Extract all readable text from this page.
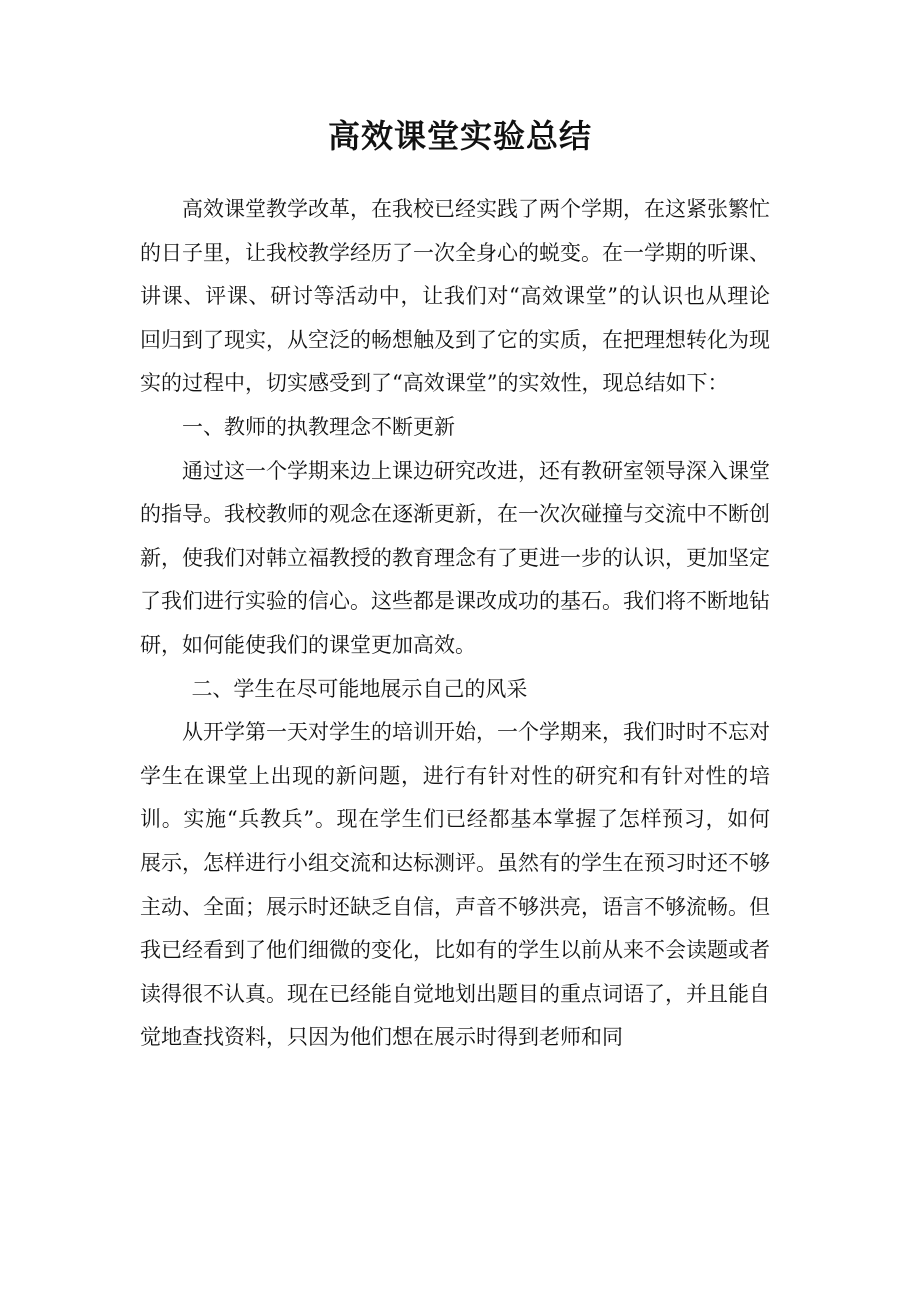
高效课堂实验总结

高效课堂教学改革，在我校已经实践了两个学期，在这紧张繁忙的日子里，让我校教学经历了一次全身心的蜕变。在一学期的听课、讲课、评课、研讨等活动中，让我们对“高效课堂”的认识也从理论回归到了现实，从空泛的畅想触及到了它的实质，在把理想转化为现实的过程中，切实感受到了“高效课堂”的实效性，现总结如下：

一、教师的执教理念不断更新

通过这一个学期来边上课边研究改进，还有教研室领导深入课堂的指导。我校教师的观念在逐渐更新，在一次次碰撞与交流中不断创新，使我们对韩立福教授的教育理念有了更进一步的认识，更加坚定了我们进行实验的信心。这些都是课改成功的基石。我们将不断地钻研，如何能使我们的课堂更加高效。

二、学生在尽可能地展示自己的风采

从开学第一天对学生的培训开始，一个学期来，我们时时不忘对学生在课堂上出现的新问题，进行有针对性的研究和有针对性的培训。实施“兵教兵”。现在学生们已经都基本掌握了怎样预习，如何展示，怎样进行小组交流和达标测评。虽然有的学生在预习时还不够主动、全面；展示时还缺乏自信，声音不够洪亮，语言不够流畅。但我已经看到了他们细微的变化，比如有的学生以前从来不会读题或者读得很不认真。现在已经能自觉地划出题目的重点词语了，并且能自觉地查找资料，只因为他们想在展示时得到老师和同
